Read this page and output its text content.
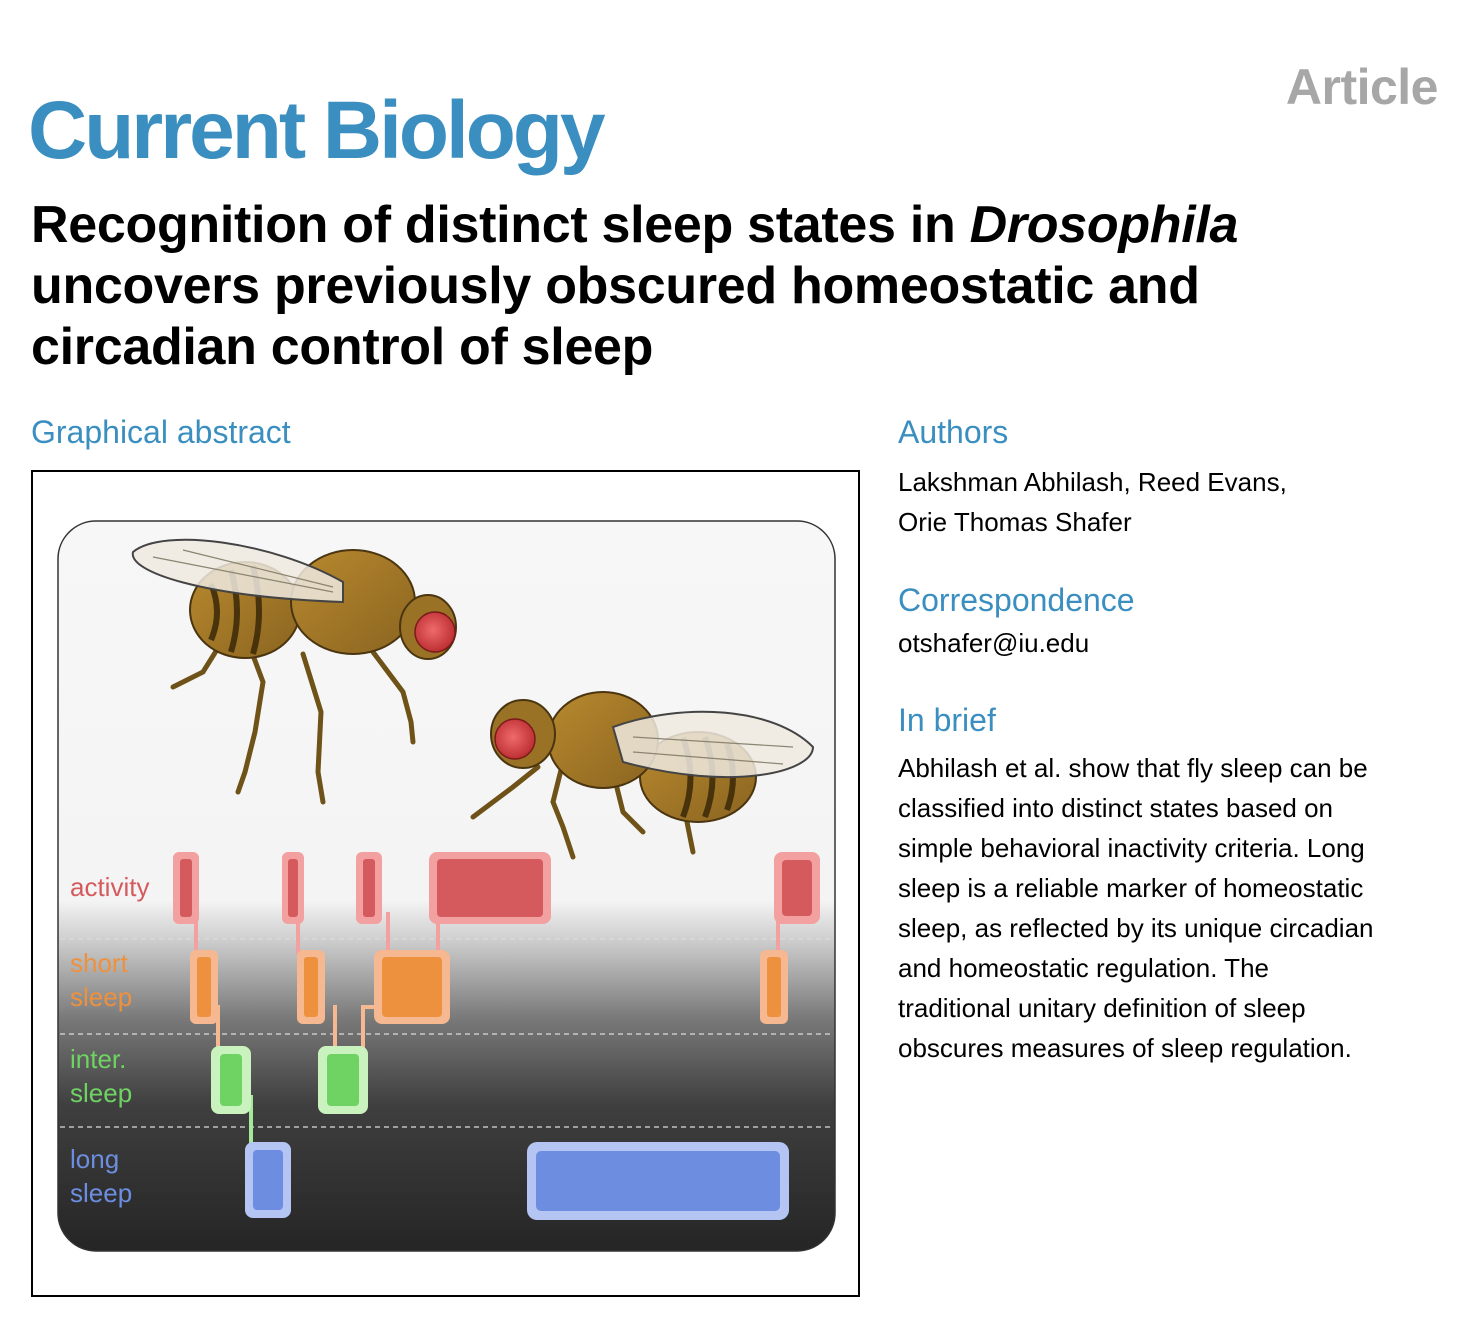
Article
Current Biology
Recognition of distinct sleep states in Drosophila
uncovers previously obscured homeostatic and
circadian control of sleep
Graphical abstract
activity
short
sleep
inter.
sleep
long
sleep
Authors
Lakshman Abhilash, Reed Evans,
Orie Thomas Shafer
Correspondence
otshafer@iu.edu
In brief
Abhilash et al. show that fly sleep can be
classified into distinct states based on
simple behavioral inactivity criteria. Long
sleep is a reliable marker of homeostatic
sleep, as reflected by its unique circadian
and homeostatic regulation. The
traditional unitary definition of sleep
obscures measures of sleep regulation.
